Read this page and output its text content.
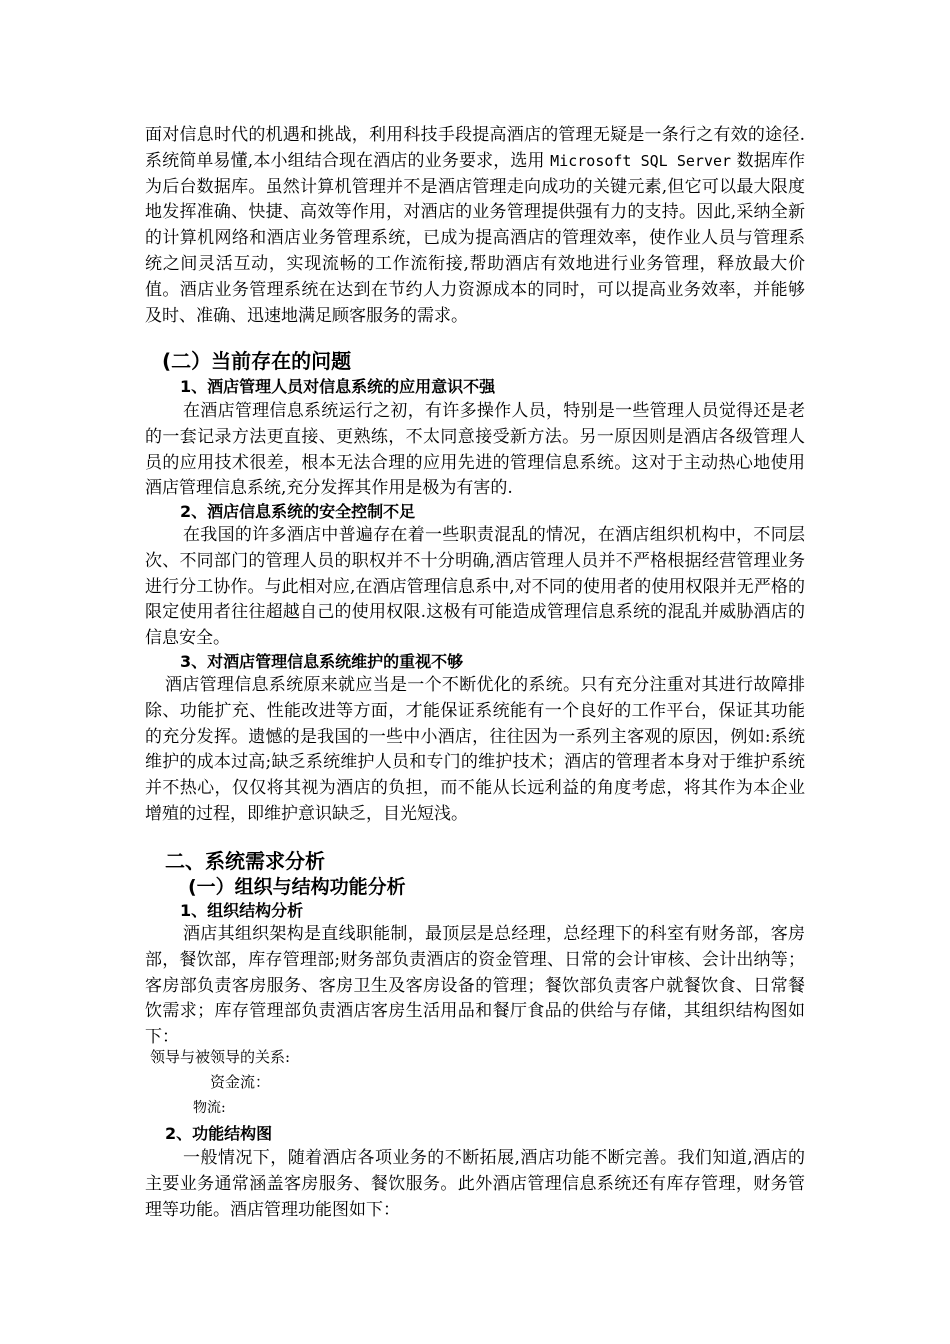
面对信息时代的机遇和挑战，利用科技手段提高酒店的管理无疑是一条行之有效的途径.系统简单易懂,本小组结合现在酒店的业务要求，选用 Microsoft SQL Server 数据库作为后台数据库。虽然计算机管理并不是酒店管理走向成功的关键元素,但它可以最大限度地发挥准确、快捷、高效等作用，对酒店的业务管理提供强有力的支持。因此,采纳全新的计算机网络和酒店业务管理系统，已成为提高酒店的管理效率，使作业人员与管理系统之间灵活互动，实现流畅的工作流衔接,帮助酒店有效地进行业务管理，释放最大价值。酒店业务管理系统在达到在节约人力资源成本的同时，可以提高业务效率，并能够及时、准确、迅速地满足顾客服务的需求。

(二）当前存在的问题
1、酒店管理人员对信息系统的应用意识不强

在酒店管理信息系统运行之初，有许多操作人员，特别是一些管理人员觉得还是老的一套记录方法更直接、更熟练，不太同意接受新方法。另一原因则是酒店各级管理人员的应用技术很差，根本无法合理的应用先进的管理信息系统。这对于主动热心地使用酒店管理信息系统,充分发挥其作用是极为有害的.

2、酒店信息系统的安全控制不足

在我国的许多酒店中普遍存在着一些职责混乱的情况，在酒店组织机构中，不同层次、不同部门的管理人员的职权并不十分明确,酒店管理人员并不严格根据经营管理业务进行分工协作。与此相对应,在酒店管理信息系中,对不同的使用者的使用权限并无严格的限定使用者往往超越自己的使用权限.这极有可能造成管理信息系统的混乱并威胁酒店的信息安全。

3、对酒店管理信息系统维护的重视不够

酒店管理信息系统原来就应当是一个不断优化的系统。只有充分注重对其进行故障排除、功能扩充、性能改进等方面，才能保证系统能有一个良好的工作平台，保证其功能的充分发挥。遗憾的是我国的一些中小酒店，往往因为一系列主客观的原因，例如:系统维护的成本过高;缺乏系统维护人员和专门的维护技术；酒店的管理者本身对于维护系统并不热心，仅仅将其视为酒店的负担，而不能从长远利益的角度考虑，将其作为本企业增殖的过程，即维护意识缺乏，目光短浅。

二、系统需求分析
(一）组织与结构功能分析
1、组织结构分析

酒店其组织架构是直线职能制，最顶层是总经理，总经理下的科室有财务部，客房部，餐饮部，库存管理部;财务部负责酒店的资金管理、日常的会计审核、会计出纳等；客房部负责客房服务、客房卫生及客房设备的管理；餐饮部负责客户就餐饮食、日常餐饮需求；库存管理部负责酒店客房生活用品和餐厅食品的供给与存储，其组织结构图如下：

领导与被领导的关系:
资金流：
物流:
2、功能结构图

一般情况下，随着酒店各项业务的不断拓展,酒店功能不断完善。我们知道,酒店的主要业务通常涵盖客房服务、餐饮服务。此外酒店管理信息系统还有库存管理，财务管理等功能。酒店管理功能图如下：
